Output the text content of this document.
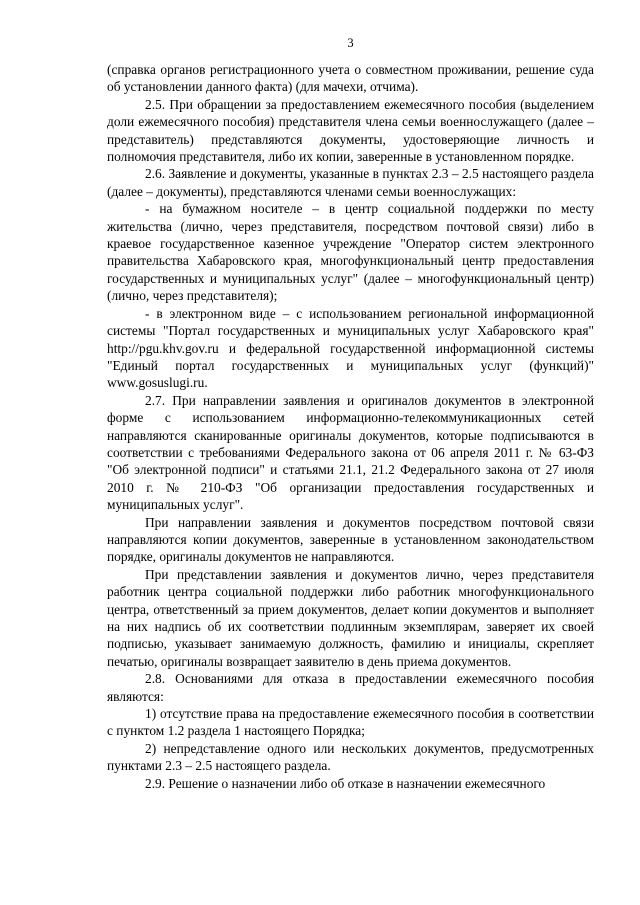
3

(справка органов регистрационного учета о совместном проживании, решение суда об установлении данного факта) (для мачехи, отчима).

2.5. При обращении за предоставлением ежемесячного пособия (выделением доли ежемесячного пособия) представителя члена семьи военнослужащего (далее – представитель) представляются документы, удостоверяющие личность и полномочия представителя, либо их копии, заверенные в установленном порядке.

2.6. Заявление и документы, указанные в пунктах 2.3 – 2.5 настоящего раздела (далее – документы), представляются членами семьи военнослужащих:

- на бумажном носителе – в центр социальной поддержки по месту жительства (лично, через представителя, посредством почтовой связи) либо в краевое государственное казенное учреждение "Оператор систем электронного правительства Хабаровского края, многофункциональный центр предоставления государственных и муниципальных услуг" (далее – многофункциональный центр) (лично, через представителя);

- в электронном виде – с использованием региональной информационной системы "Портал государственных и муниципальных услуг Хабаровского края" http://pgu.khv.gov.ru и федеральной государственной информационной системы "Единый портал государственных и муниципальных услуг (функций)" www.gosuslugi.ru.

2.7. При направлении заявления и оригиналов документов в электронной форме с использованием информационно-телекоммуникационных сетей направляются сканированные оригиналы документов, которые подписываются в соответствии с требованиями Федерального закона от 06 апреля 2011 г. № 63-ФЗ "Об электронной подписи" и статьями 21.1, 21.2 Федерального закона от 27 июля 2010 г. № 210-ФЗ "Об организации предоставления государственных и муниципальных услуг".

При направлении заявления и документов посредством почтовой связи направляются копии документов, заверенные в установленном законодательством порядке, оригиналы документов не направляются.

При представлении заявления и документов лично, через представителя работник центра социальной поддержки либо работник многофункционального центра, ответственный за прием документов, делает копии документов и выполняет на них надпись об их соответствии подлинным экземплярам, заверяет их своей подписью, указывает занимаемую должность, фамилию и инициалы, скрепляет печатью, оригиналы возвращает заявителю в день приема документов.

2.8. Основаниями для отказа в предоставлении ежемесячного пособия являются:

1) отсутствие права на предоставление ежемесячного пособия в соответствии с пунктом 1.2 раздела 1 настоящего Порядка;

2) непредставление одного или нескольких документов, предусмотренных пунктами 2.3 – 2.5 настоящего раздела.

2.9. Решение о назначении либо об отказе в назначении ежемесячного
